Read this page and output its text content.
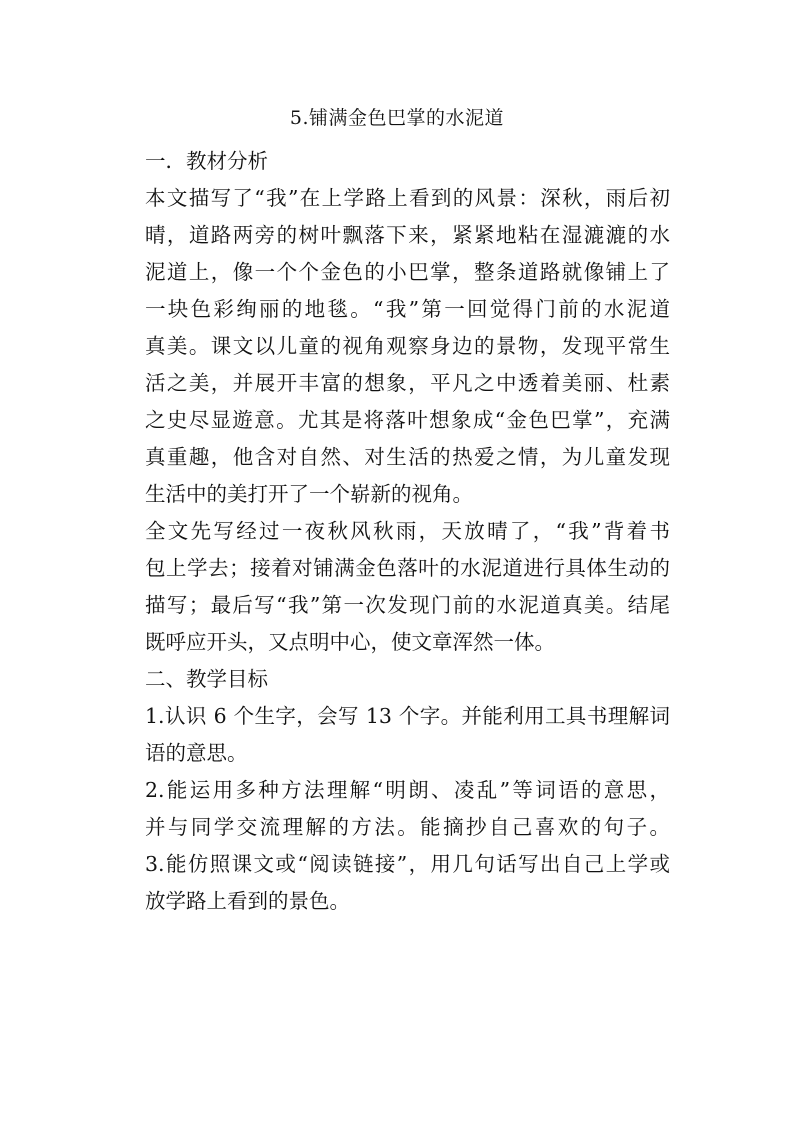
5.铺满金色巴掌的水泥道
一．教材分析
本文描写了“我”在上学路上看到的风景：深秋，雨后初
晴，道路两旁的树叶飘落下来，紧紧地粘在湿漉漉的水
泥道上，像一个个金色的小巴掌，整条道路就像铺上了
一块色彩绚丽的地毯。“我”第一回觉得门前的水泥道
真美。课文以儿童的视角观察身边的景物，发现平常生
活之美，并展开丰富的想象，平凡之中透着美丽、杜素
之史尽显遊意。尤其是将落叶想象成“金色巴掌”，充满
真重趣，他含对自然、对生活的热爱之情，为儿童发现
生活中的美打开了一个崭新的视角。
全文先写经过一夜秋风秋雨，天放晴了，“我”背着书
包上学去；接着对铺满金色落叶的水泥道进行具体生动的
描写；最后写“我”第一次发现门前的水泥道真美。结尾
既呼应开头，又点明中心，使文章浑然一体。
二、教学目标
1.认识 6 个生字，会写 13 个字。并能利用工具书理解词
语的意思。
2.能运用多种方法理解“明朗、凌乱”等词语的意思，
并与同学交流理解的方法。能摘抄自己喜欢的句子。
3.能仿照课文或“阅读链接”，用几句话写出自己上学或
放学路上看到的景色。
